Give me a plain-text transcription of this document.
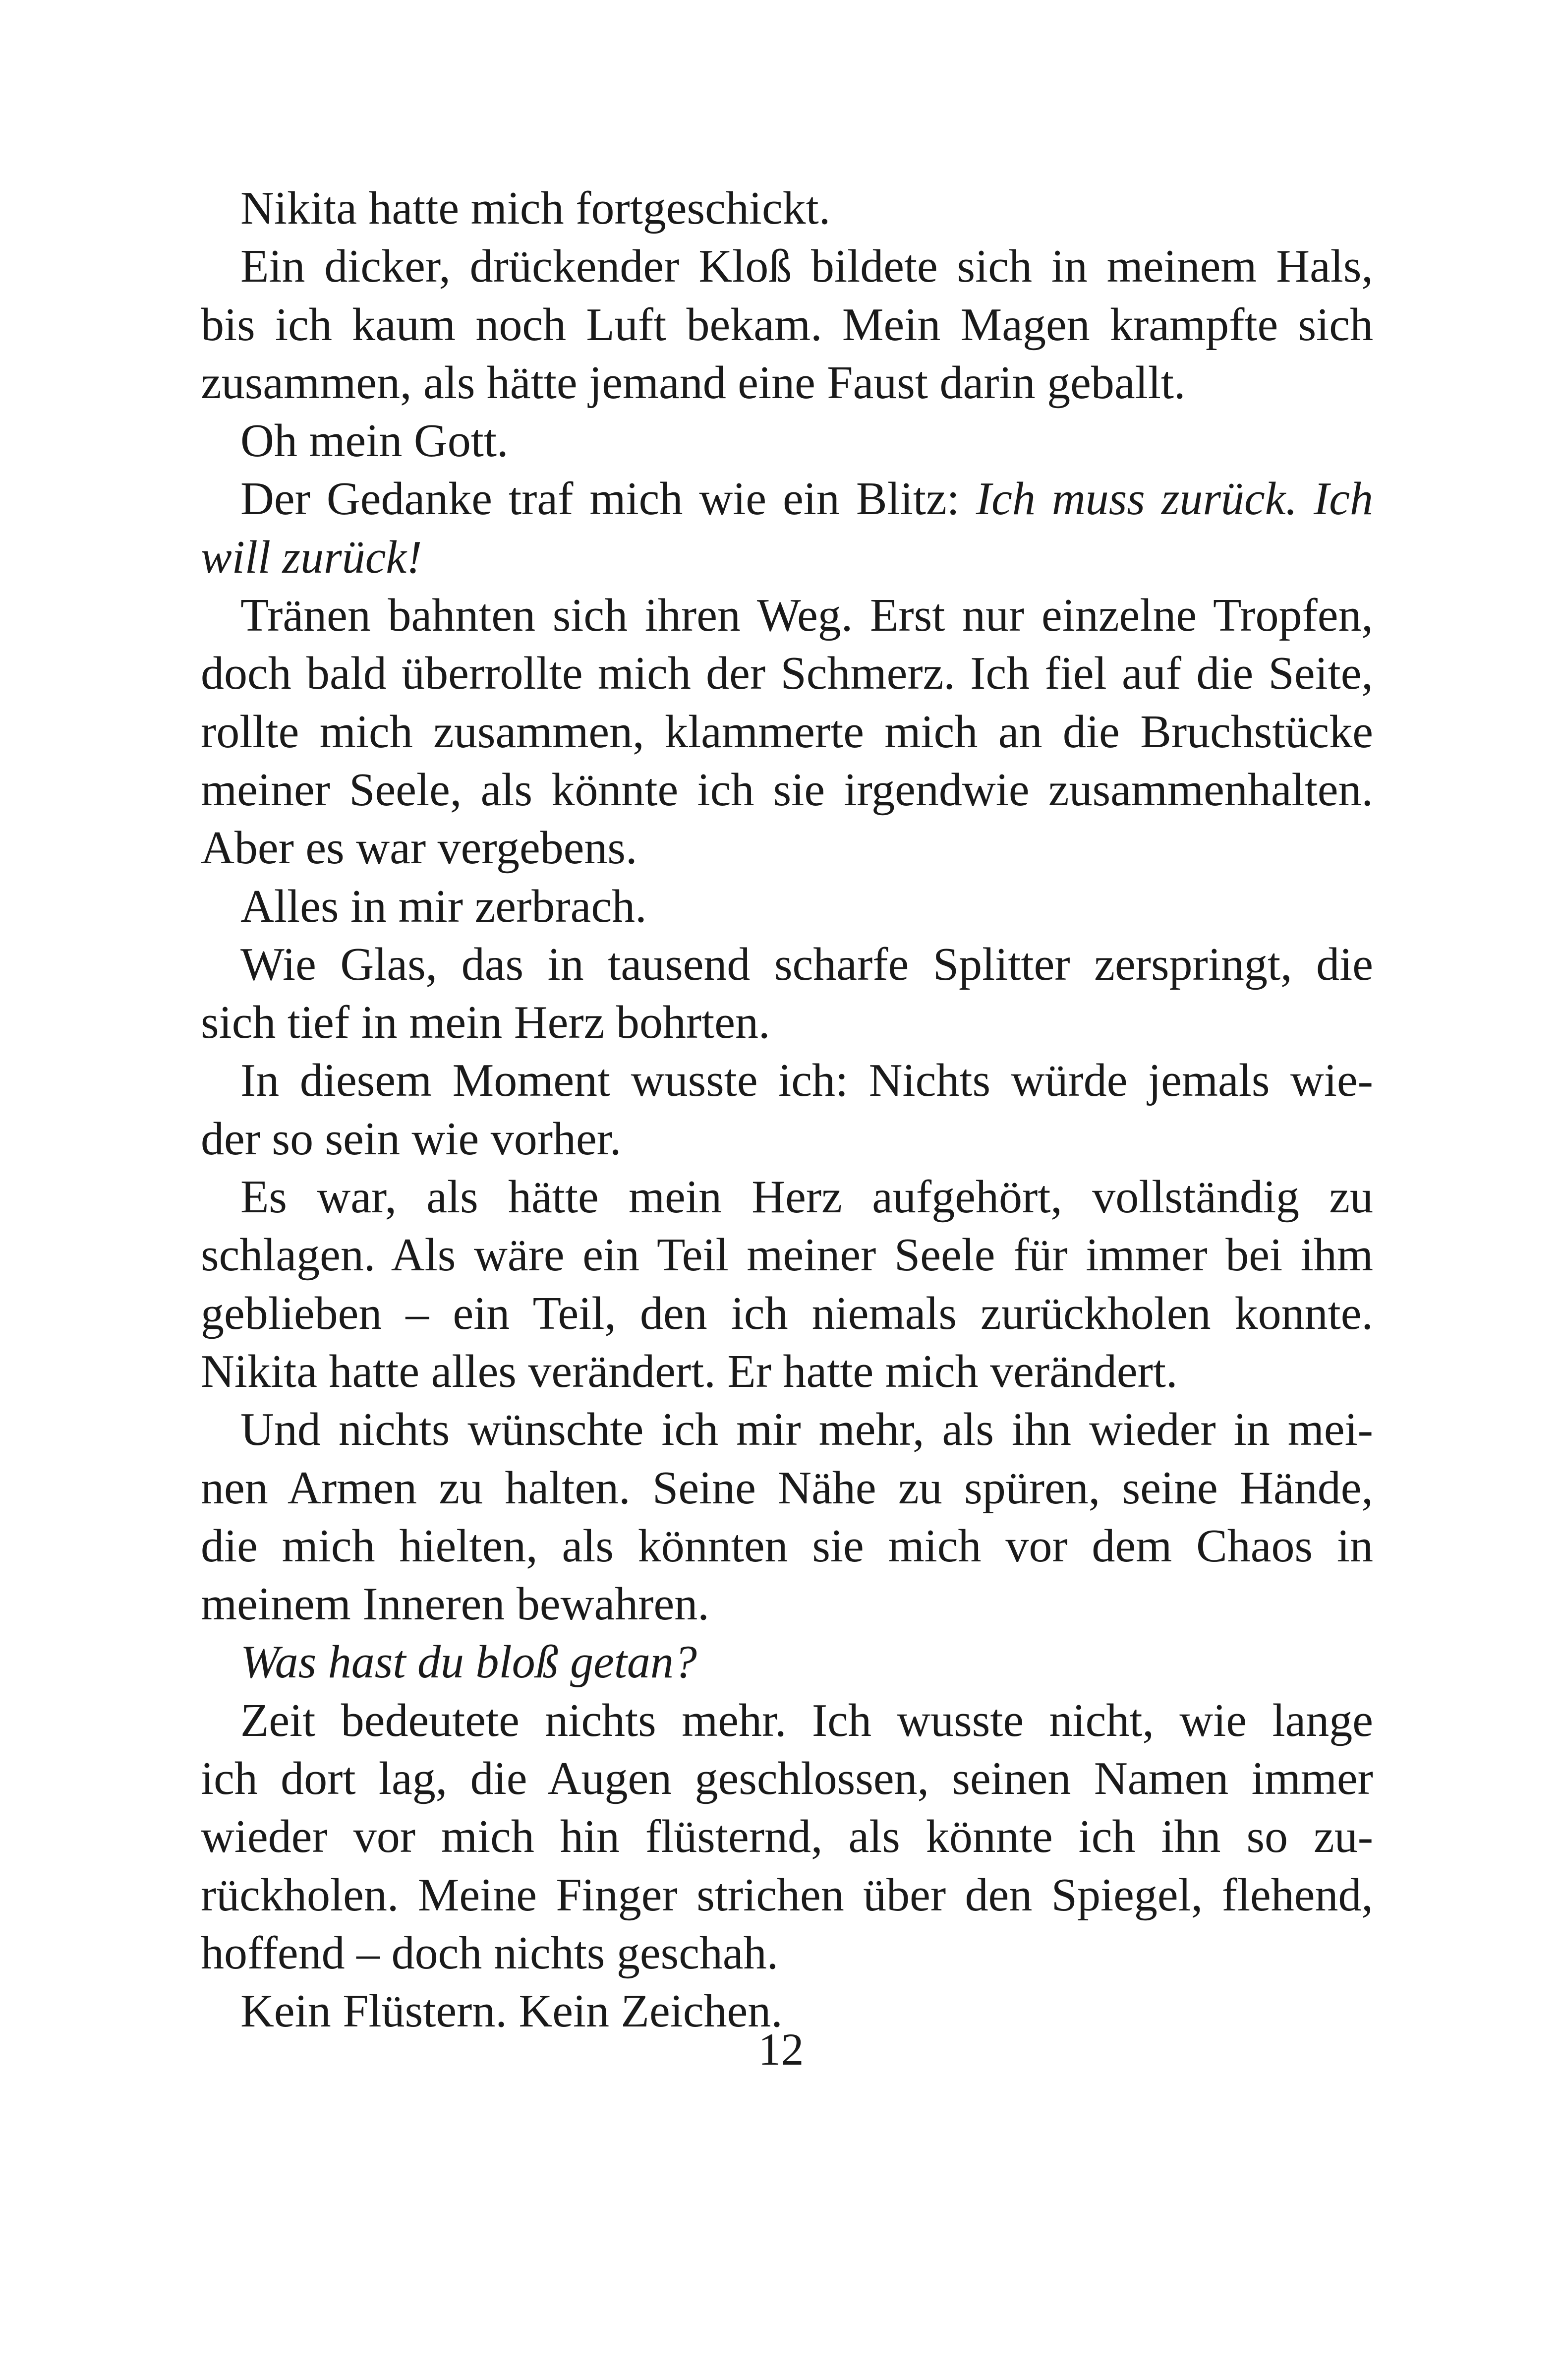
Nikita hatte mich fortgeschickt.
Ein dicker, drückender Kloß bildete sich in meinem Hals,
bis ich kaum noch Luft bekam. Mein Magen krampfte sich
zusammen, als hätte jemand eine Faust darin geballt.
Oh mein Gott.
Der Gedanke traf mich wie ein Blitz: Ich muss zurück. Ich
will zurück!
Tränen bahnten sich ihren Weg. Erst nur einzelne Tropfen,
doch bald überrollte mich der Schmerz. Ich fiel auf die Seite,
rollte mich zusammen, klammerte mich an die Bruchstücke
meiner Seele, als könnte ich sie irgendwie zusammenhalten.
Aber es war vergebens.
Alles in mir zerbrach.
Wie Glas, das in tausend scharfe Splitter zerspringt, die
sich tief in mein Herz bohrten.
In diesem Moment wusste ich: Nichts würde jemals wie-
der so sein wie vorher.
Es war, als hätte mein Herz aufgehört, vollständig zu
schlagen. Als wäre ein Teil meiner Seele für immer bei ihm
geblieben – ein Teil, den ich niemals zurückholen konnte.
Nikita hatte alles verändert. Er hatte mich verändert.
Und nichts wünschte ich mir mehr, als ihn wieder in mei-
nen Armen zu halten. Seine Nähe zu spüren, seine Hände,
die mich hielten, als könnten sie mich vor dem Chaos in
meinem Inneren bewahren.
Was hast du bloß getan?
Zeit bedeutete nichts mehr. Ich wusste nicht, wie lange
ich dort lag, die Augen geschlossen, seinen Namen immer
wieder vor mich hin flüsternd, als könnte ich ihn so zu-
rückholen. Meine Finger strichen über den Spiegel, flehend,
hoffend – doch nichts geschah.
Kein Flüstern. Kein Zeichen.
12
